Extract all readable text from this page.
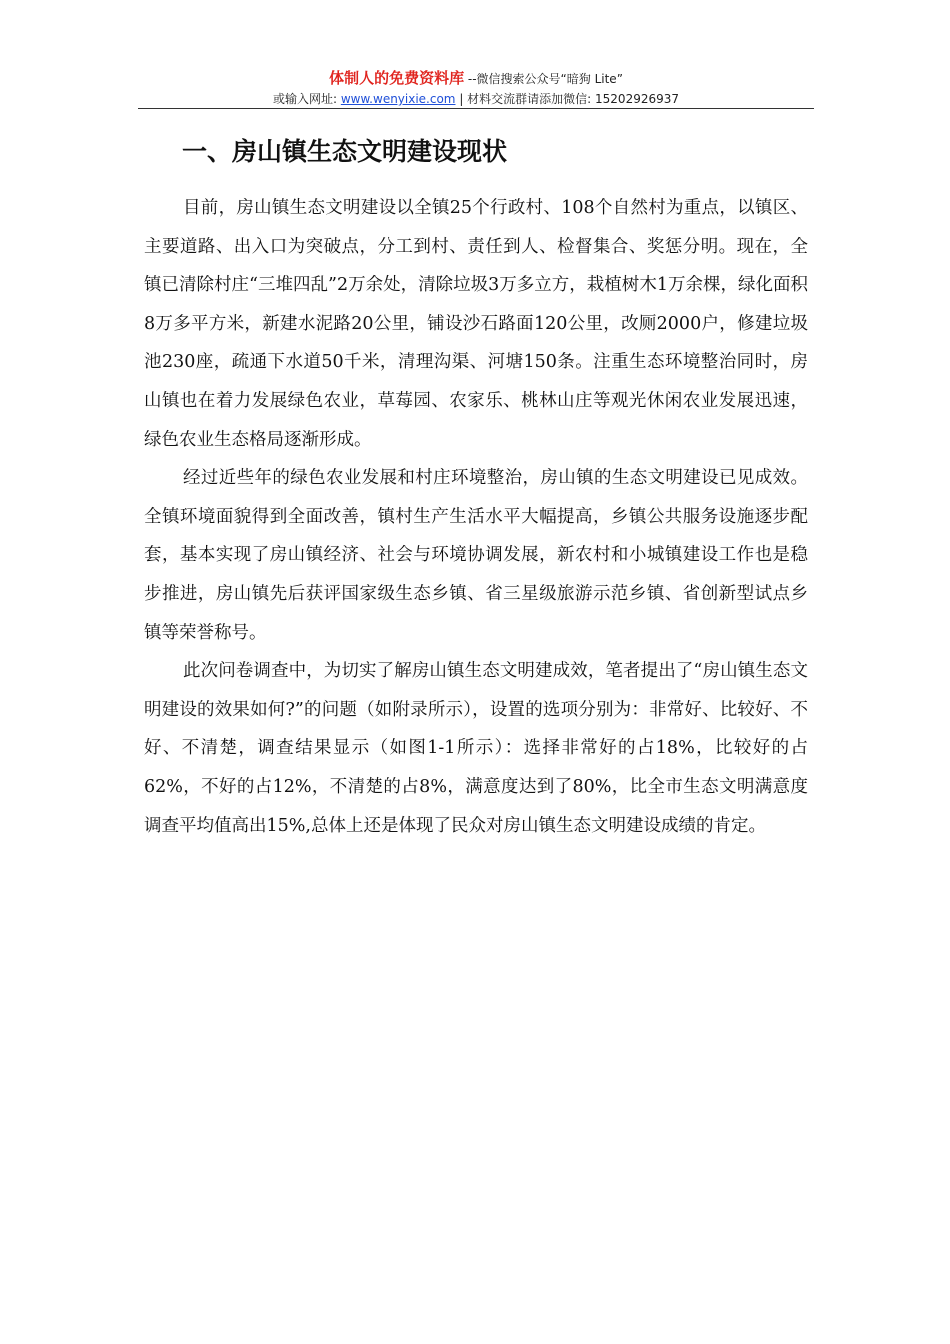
体制人的免费资料库 --微信搜索公众号“暗狗 Lite”
或输入网址: www.wenyixie.com | 材料交流群请添加微信: 15202926937
一、房山镇生态文明建设现状

目前，房山镇生态文明建设以全镇25个行政村、108个自然村为重点，以镇区、主要道路、出入口为突破点，分工到村、责任到人、检督集合、奖惩分明。现在，全镇已清除村庄“三堆四乱”2万余处，清除垃圾3万多立方，栽植树木1万余棵，绿化面积8万多平方米，新建水泥路20公里，铺设沙石路面120公里，改厕2000户，修建垃圾池230座，疏通下水道50千米，清理沟渠、河塘150条。注重生态环境整治同时，房山镇也在着力发展绿色农业，草莓园、农家乐、桃林山庄等观光休闲农业发展迅速，绿色农业生态格局逐渐形成。

经过近些年的绿色农业发展和村庄环境整治，房山镇的生态文明建设已见成效。全镇环境面貌得到全面改善，镇村生产生活水平大幅提高，乡镇公共服务设施逐步配套，基本实现了房山镇经济、社会与环境协调发展，新农村和小城镇建设工作也是稳步推进，房山镇先后获评国家级生态乡镇、省三星级旅游示范乡镇、省创新型试点乡镇等荣誉称号。

此次问卷调查中，为切实了解房山镇生态文明建成效，笔者提出了“房山镇生态文明建设的效果如何?”的问题（如附录所示），设置的选项分别为：非常好、比较好、不好、不清楚，调查结果显示（如图1-1所示）：选择非常好的占18%，比较好的占62%，不好的占12%，不清楚的占8%，满意度达到了80%，比全市生态文明满意度调查平均值高出15%,总体上还是体现了民众对房山镇生态文明建设成绩的肯定。
